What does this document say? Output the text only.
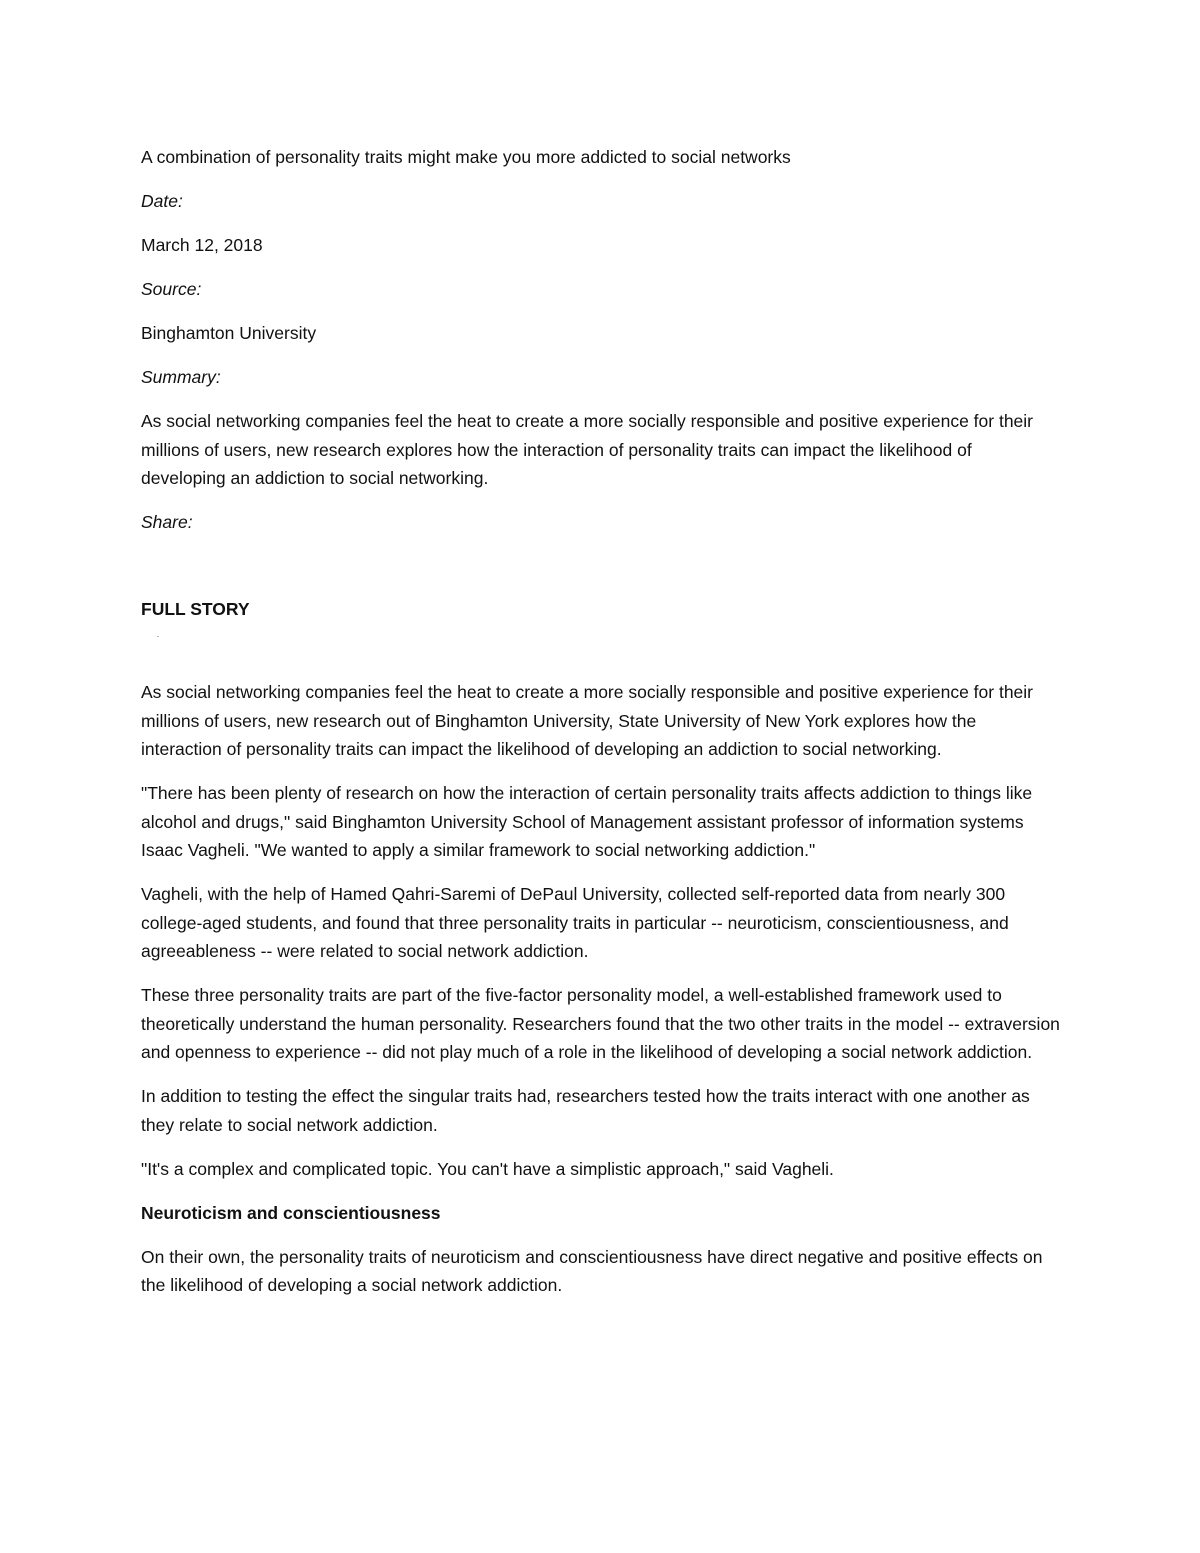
A combination of personality traits might make you more addicted to social networks

Date:

March 12, 2018

Source:

Binghamton University

Summary:

As social networking companies feel the heat to create a more socially responsible and positive experience for their millions of users, new research explores how the interaction of personality traits can impact the likelihood of developing an addiction to social networking.

Share:

FULL STORY

As social networking companies feel the heat to create a more socially responsible and positive experience for their millions of users, new research out of Binghamton University, State University of New York explores how the interaction of personality traits can impact the likelihood of developing an addiction to social networking.

"There has been plenty of research on how the interaction of certain personality traits affects addiction to things like alcohol and drugs," said Binghamton University School of Management assistant professor of information systems Isaac Vagheli. "We wanted to apply a similar framework to social networking addiction."

Vagheli, with the help of Hamed Qahri-Saremi of DePaul University, collected self-reported data from nearly 300 college-aged students, and found that three personality traits in particular -- neuroticism, conscientiousness, and agreeableness -- were related to social network addiction.

These three personality traits are part of the five-factor personality model, a well-established framework used to theoretically understand the human personality. Researchers found that the two other traits in the model -- extraversion and openness to experience -- did not play much of a role in the likelihood of developing a social network addiction.

In addition to testing the effect the singular traits had, researchers tested how the traits interact with one another as they relate to social network addiction.

"It's a complex and complicated topic. You can't have a simplistic approach," said Vagheli.

Neuroticism and conscientiousness

On their own, the personality traits of neuroticism and conscientiousness have direct negative and positive effects on the likelihood of developing a social network addiction.
